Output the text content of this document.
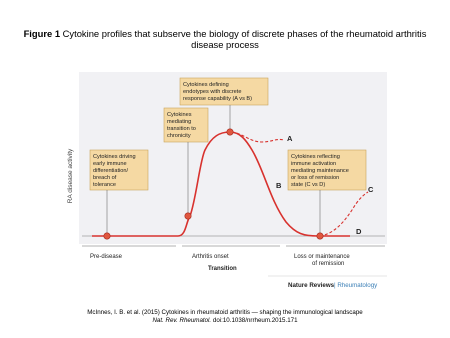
Figure 1 Cytokine profiles that subserve the biology of discrete phases of the rheumatoid arthritis disease process
RA disease activity
A
B	C
D
Cytokines driving early immune differentiation/ breach of tolerance
Cytokines mediating transition to chronicity
Cytokines defining endotypes with discrete response capability (A vs B)
Cytokines reflecting immune activation mediating maintenance or loss of remission state (C vs D)
Pre-disease	Arthritis onset	Loss or maintenance of remission
Transition
Nature Reviews | Rheumatology
McInnes, I. B. et al. (2015) Cytokines in rheumatoid arthritis — shaping the immunological landscape
Nat. Rev. Rheumatol. doi:10.1038/nrrheum.2015.171
